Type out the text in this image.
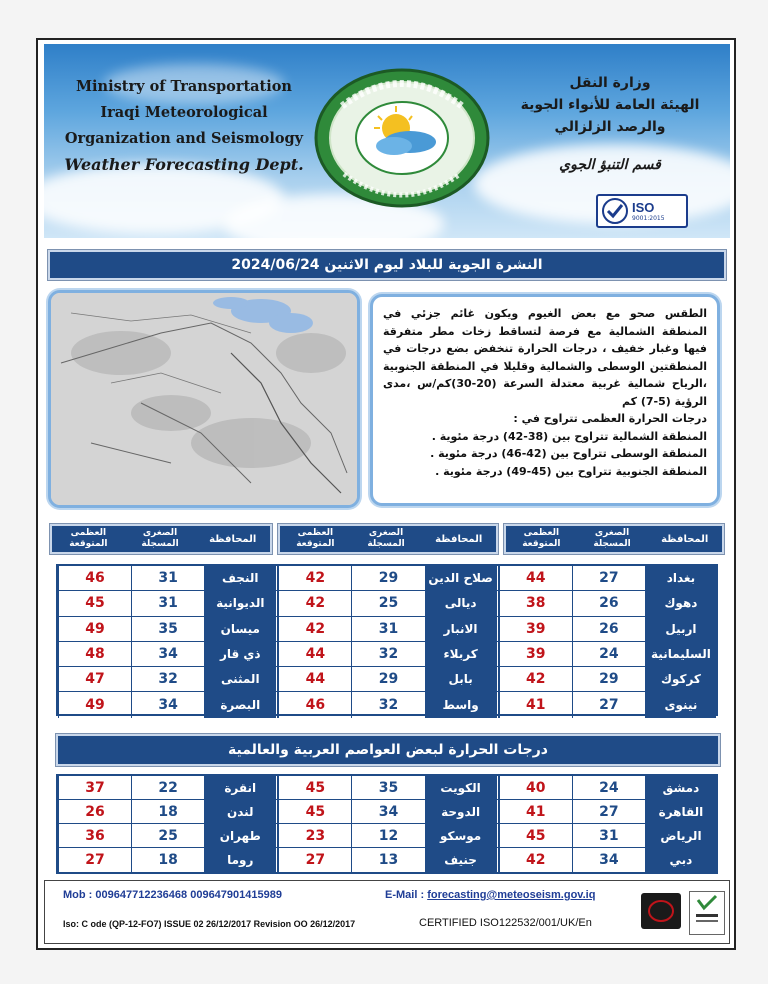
Ministry of Transportation
Iraqi Meteorological
Organization and Seismology
Weather Forecasting Dept.
وزارة النقل
الهيئة العامة للأنواء الجوية
والرصد الزلزالي
قسم التنبؤ الجوي
ISO
9001:2015
النشرة الجوية للبلاد ليوم الاثنين 2024/06/24

الطقس صحو مع بعض الغيوم ويكون غائم جزئي في المنطقة الشمالية مع فرصة لتساقط زخات مطر متفرقة فيها وغبار خفيف ، درجات الحرارة تنخفض بضع درجات في المنطقتين الوسطى والشمالية وقليلا في المنطقة الجنوبية ،الرياح شمالية غربية معتدلة السرعة (20-30)كم/س ،مدى الرؤية (5-7) كم

درجات الحرارة العظمى تتراوح في :

المنطقة الشمالية تتراوح بين (38-42) درجة مئوية .

المنطقة الوسطى تتراوح بين (42-46) درجة مئوية .

المنطقة الجنوبية تتراوح بين (45-49) درجة مئوية .

المحافظة
الصغرى المسجلة
العظمى المتوقعة
المحافظة
الصغرى المسجلة
العظمى المتوقعة
المحافظة
الصغرى المسجلة
العظمى المتوقعة
بغداد
27
44
صلاح الدين
29
42
النجف
31
46
دهوك
26
38
ديالى
25
42
الديوانية
31
45
اربيل
26
39
الانبار
31
42
ميسان
35
49
السليمانية
24
39
كربلاء
32
44
ذي قار
34
48
كركوك
29
42
بابل
29
44
المثنى
32
47
نينوى
27
41
واسط
32
46
البصرة
34
49
درجات الحرارة لبعض العواصم العربية والعالمية
دمشق
24
40
الكويت
35
45
انقرة
22
37
القاهرة
27
41
الدوحة
34
45
لندن
18
26
الرياض
31
45
موسكو
12
23
طهران
25
36
دبي
34
42
جنيف
13
27
روما
18
27
Mob : 009647712236468 009647901415989	E-Mail : forecasting@meteoseism.gov.iq
Iso: C ode (QP-12-FO7) ISSUE 02 26/12/2017 Revision OO 26/12/2017	CERTIFIED ISO122532/001/UK/En
